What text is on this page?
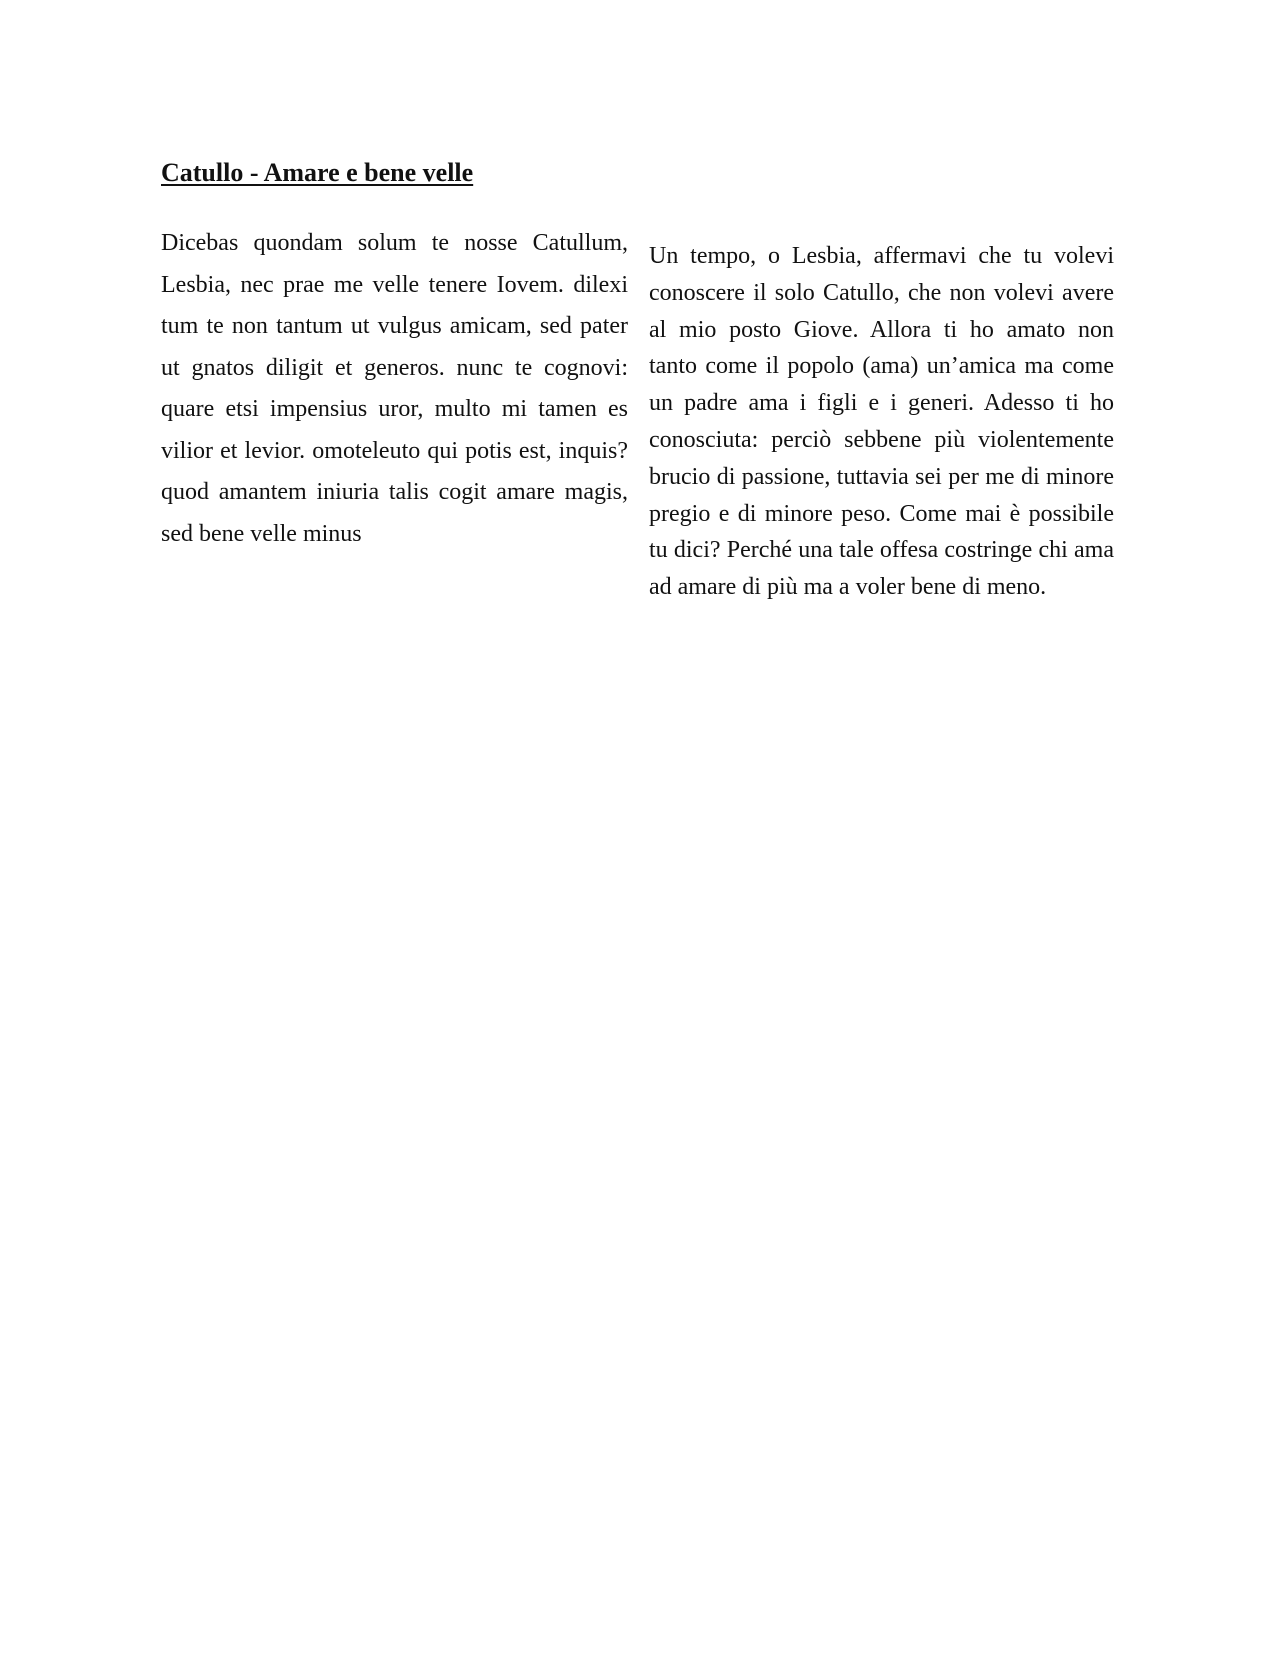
Catullo - Amare e bene velle

Dicebas quondam solum te nosse Catullum, Lesbia, nec prae me velle tenere Iovem. dilexi tum te non tantum ut vulgus amicam, sed pater ut gnatos diligit et generos. nunc te cognovi: quare etsi impensius uror, multo mi tamen es vilior et levior. omoteleuto qui potis est, inquis? quod amantem iniuria talis cogit amare magis, sed bene velle minus

Un tempo, o Lesbia, affermavi che tu volevi conoscere il solo Catullo, che non volevi avere al mio posto Giove. Allora ti ho amato non tanto come il popolo (ama) un’amica ma come un padre ama i figli e i generi. Adesso ti ho conosciuta: perciò sebbene più violentemente brucio di passione, tuttavia sei per me di minore pregio e di minore peso. Come mai è possibile tu dici? Perché una tale offesa costringe chi ama ad amare di più ma a voler bene di meno.
